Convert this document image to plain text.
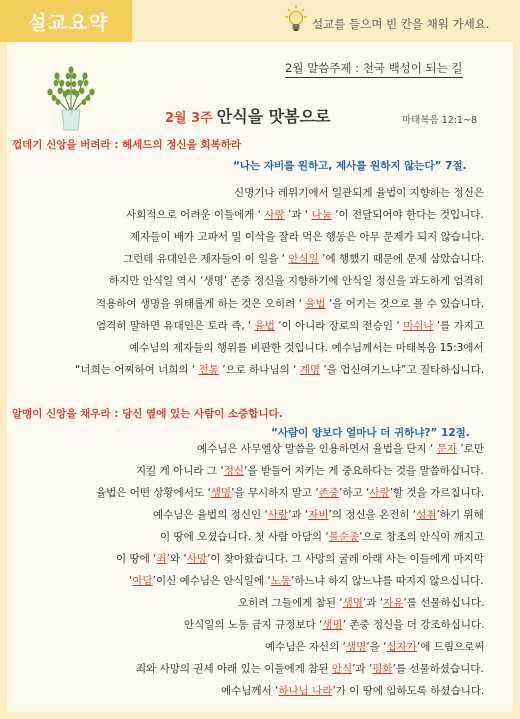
설교요약	설교를 들으며 빈 칸을 채워 가세요.
2월 말씀주제 : 천국 백성이 되는 길
2월 3주 안식을 맛봄으로	마태복음 12:1~8
껍데기 신앙을 버려라 : 헤세드의 정신을 회복하라
“나는 자비를 원하고, 제사를 원하지 않는다” 7절.
알맹이 신앙을 채우라 : 당신 옆에 있는 사람이 소중합니다.
“사람이 양보다 얼마나 더 귀하냐?” 12절.
신명기나 레위기에서 일관되게 율법이 지향하는 정신은
사회적으로 어려운 이들에게 ‘ 사랑 ’과 ‘ 나눔 ’이 전달되어야 한다는 것입니다.
제자들이 배가 고파서 밀 이삭을 잘라 먹은 행동은 아무 문제가 되지 않습니다.
그런데 유대인은 제자들이 이 일을 ‘ 안식일 ’에 행했기 때문에 문제 삼았습니다.
하지만 안식일 역시 ‘생명’ 존중 정신을 지향하기에 안식일 정신을 과도하게 엄격히
적용하여 생명을 위태롭게 하는 것은 오히려 ‘ 율법 ’을 어기는 것으로 볼 수 있습니다.
엄격히 말하면 유대인은 토라 즉, ‘ 율법 ’이 아니라 장로의 전승인 ‘ 미쉬나 ’를 가지고
예수님의 제자들의 행위를 비판한 것입니다. 예수님께서는 마태복음 15:3에서
“너희는 어찌하여 너희의 ‘ 전통 ’으로 하나님의 ‘ 계명 ’을 업신여기느냐”고 질타하십니다.
예수님은 사무엘상 말씀을 인용하면서 율법을 단지 ‘ 문자 ’로만
지킬 게 아니라 그 ‘정신’을 받들어 지키는 게 중요하다는 것을 말씀하십니다.
율법은 어떤 상황에서도 ‘생명’을 무시하지 말고 ‘존중’하고 ‘사랑’할 것을 가르칩니다.
예수님은 율법의 정신인 ‘사랑’과 ‘자비’의 정신을 온전히 ‘성취’하기 위해
이 땅에 오셨습니다. 첫 사람 아담의 ‘불순종’으로 창조의 안식이 깨지고
이 땅에 ‘죄’와 ‘사망’이 찾아왔습니다. 그 사망의 굴레 아래 사는 이들에게 마지막
‘아담’이신 예수님은 안식일에 ‘노동’하느냐 하지 않느냐를 따지지 않으십니다.
오히려 그들에게 참된 ‘생명’과 ‘자유’를 선물하십니다.
안식일의 노동 금지 규정보다 ‘생명’ 존중 정신을 더 강조하십니다.
예수님은 자신의 ‘생명’을 ‘십자가’에 드림으로써
죄와 사망의 권세 아래 있는 이들에게 참된 안식’과 ‘평화’를 선물하셨습니다.
예수님께서 ‘하나님 나라’가 이 땅에 임하도록 하셨습니다.
